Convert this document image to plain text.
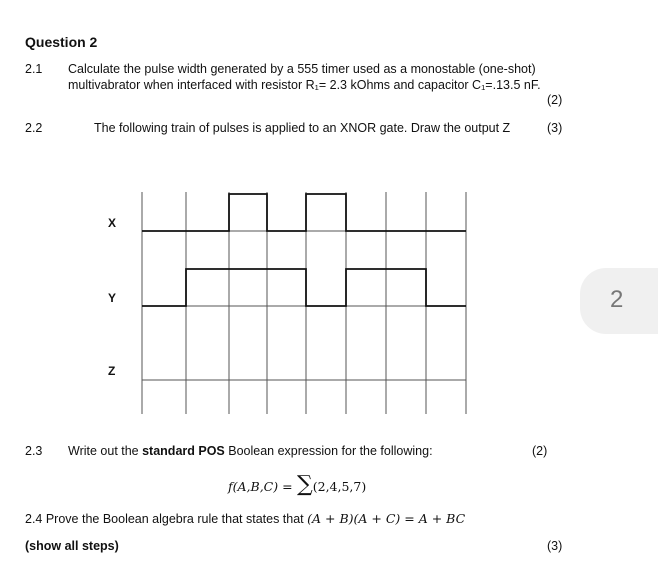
Question 2
2.1 Calculate the pulse width generated by a 555 timer used as a monostable (one-shot)
multivabrator when interfaced with resistor R₁= 2.3 kOhms and capacitor C₁=.13.5 nF.
(2)
2.2	The following train of pulses is applied to an XNOR gate. Draw the output Z	(3)
X
Y
Z
2
2.3 Write out the standard POS Boolean expression for the following:	(2)
f(A,B,C) = ∑(2,4,5,7)
2.4 Prove the Boolean algebra rule that states that (A + B)(A + C) = A + BC
(show all steps)	(3)
